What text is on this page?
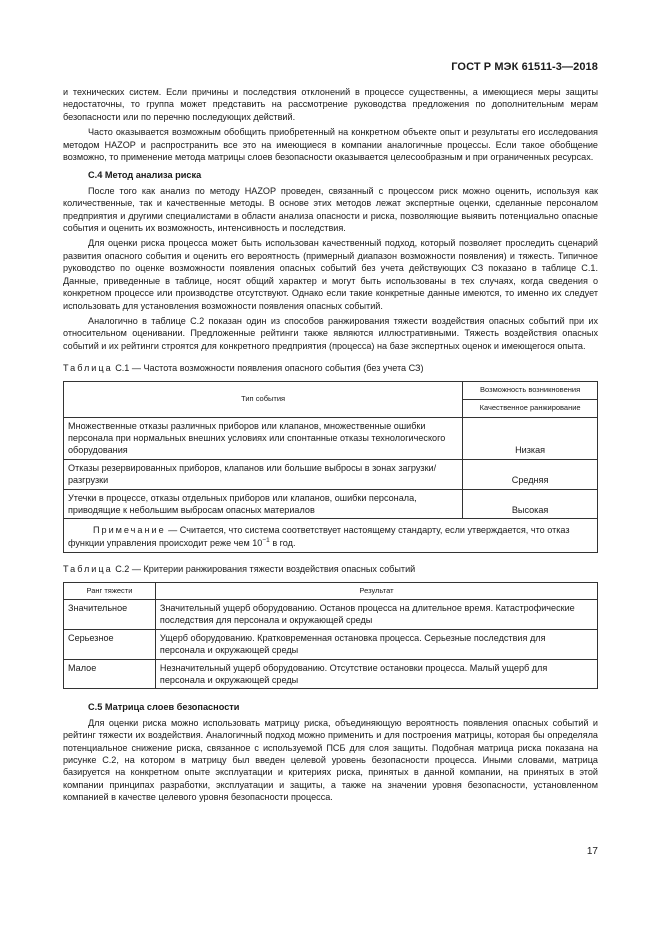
ГОСТ Р МЭК 61511-3—2018

и технических систем. Если причины и последствия отклонений в процессе существенны, а имеющиеся меры защиты недостаточны, то группа может представить на рассмотрение руководства предложения по дополнительным мерам безопасности или по перечню последующих действий.

Часто оказывается возможным обобщить приобретенный на конкретном объекте опыт и результаты его исследования методом HAZOP и распространить все это на имеющиеся в компании аналогичные процессы. Если такое обобщение возможно, то применение метода матрицы слоев безопасности оказывается целесообразным и при ограниченных ресурсах.

С.4 Метод анализа риска

После того как анализ по методу HAZOP проведен, связанный с процессом риск можно оценить, используя как количественные, так и качественные методы. В основе этих методов лежат экспертные оценки, сделанные персоналом предприятия и другими специалистами в области анализа опасности и риска, позволяющие выявить потенциально опасные события и оценить их возможность, интенсивность и последствия.

Для оценки риска процесса может быть использован качественный подход, который позволяет проследить сценарий развития опасного события и оценить его вероятность (примерный диапазон возможности появления) и тяжесть. Типичное руководство по оценке возможности появления опасных событий без учета действующих СЗ показано в таблице С.1. Данные, приведенные в таблице, носят общий характер и могут быть использованы в тех случаях, когда сведения о конкретном процессе или производстве отсутствуют. Однако если такие конкретные данные имеются, то именно их следует использовать для установления возможности появления опасных событий.

Аналогично в таблице С.2 показан один из способов ранжирования тяжести воздействия опасных событий при их относительном оценивании. Предложенные рейтинги также являются иллюстративными. Тяжесть воздействия опасных событий и их рейтинги строятся для конкретного предприятия (процесса) на базе экспертных оценок и имеющегося опыта.

Таблица С.1 — Частота возможности появления опасного события (без учета СЗ)
Тип события	Возможность возникновения
	Качественное ранжирование
Множественные отказы различных приборов или клапанов, множественные ошибки персонала при нормальных внешних условиях или спонтанные отказы технологического оборудования	Низкая
Отказы резервированных приборов, клапанов или большие выбросы в зонах загрузки/разгрузки	Средняя
Утечки в процессе, отказы отдельных приборов или клапанов, ошибки персонала, приводящие к небольшим выбросам опасных материалов	Высокая

Примечание — Считается, что система соответствует настоящему стандарту, если утверждается, что отказ функции управления происходит реже чем $10^{-1}$ в год.	
Таблица С.2 — Критерии ранжирования тяжести воздействия опасных событий
Ранг тяжести	Результат
Значительное	Значительный ущерб оборудованию. Останов процесса на длительное время. Катастрофические последствия для персонала и окружающей среды
Серьезное	Ущерб оборудованию. Кратковременная остановка процесса. Серьезные последствия для персонала и окружающей среды
Малое	Незначительный ущерб оборудованию. Отсутствие остановки процесса. Малый ущерб для персонала и окружающей среды
С.5 Матрица слоев безопасности

Для оценки риска можно использовать матрицу риска, объединяющую вероятность появления опасных событий и рейтинг тяжести их воздействия. Аналогичный подход можно применить и для построения матрицы, которая бы определяла потенциальное снижение риска, связанное с используемой ПСБ для слоя защиты. Подобная матрица риска показана на рисунке С.2, на котором в матрицу был введен целевой уровень безопасности процесса. Иными словами, матрица базируется на конкретном опыте эксплуатации и критериях риска, принятых в данной компании, на принятых в этой компании принципах разработки, эксплуатации и защиты, а также на значении уровня безопасности, установленном компанией в качестве целевого уровня безопасности процесса.

17
